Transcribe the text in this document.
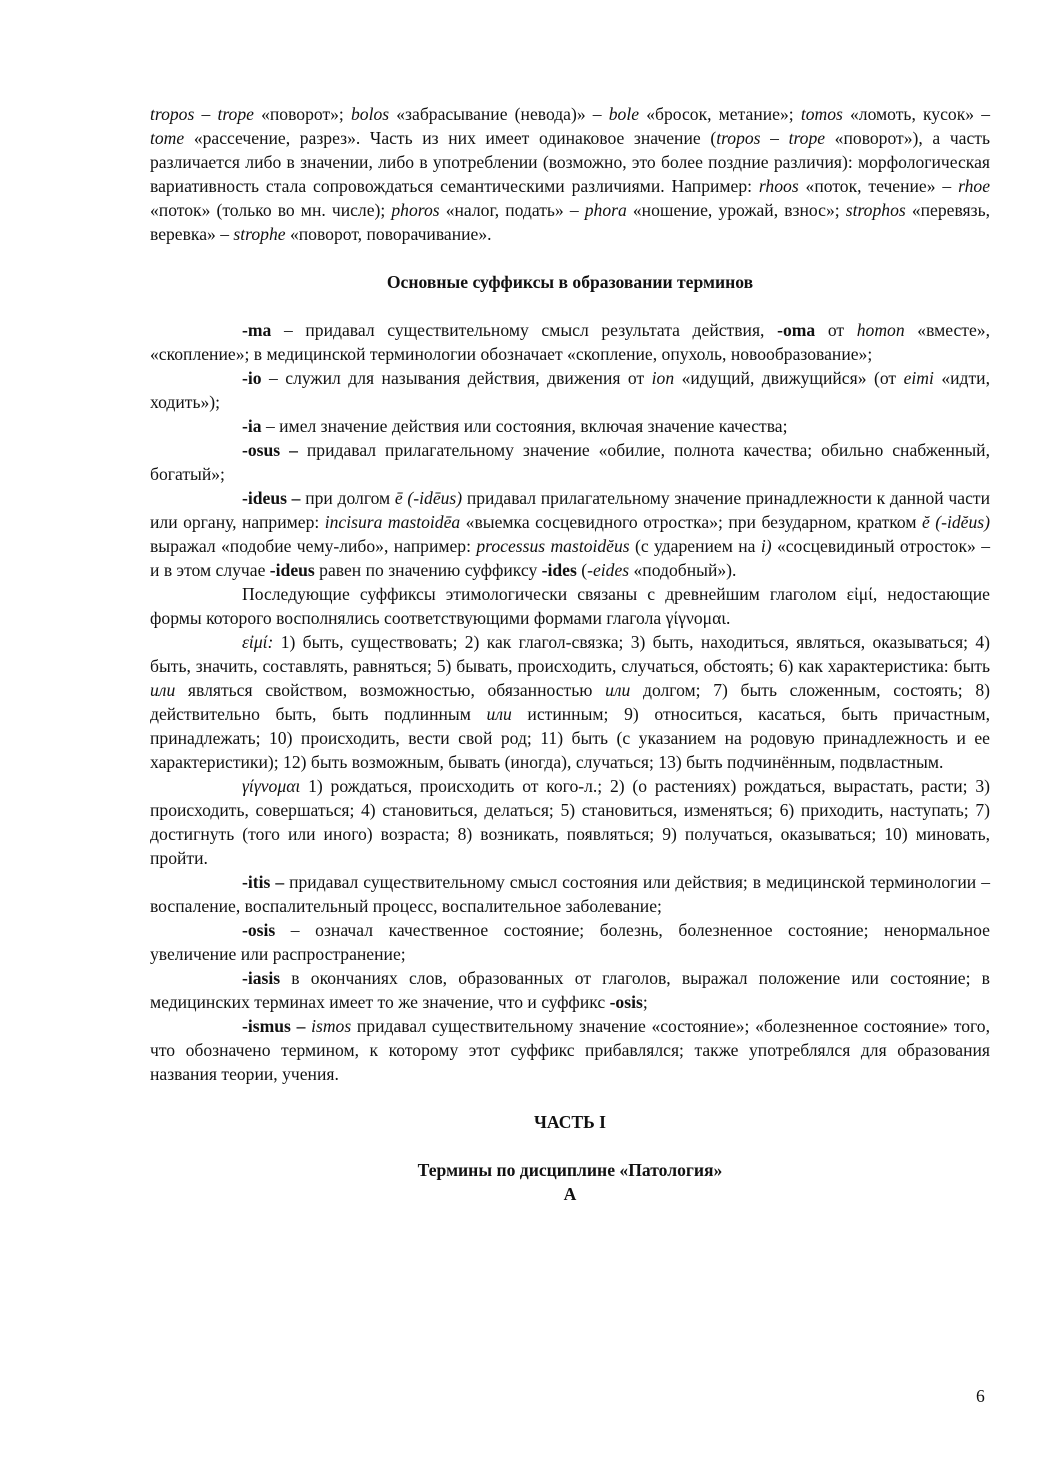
tropos – trope «поворот»; bolos «забрасывание (невода)» – bole «бросок, метание»; tomos «ломоть, кусок» – tome «рассечение, разрез». Часть из них имеет одинаковое значение (tropos – trope «поворот»), а часть различается либо в значении, либо в употреблении (возможно, это более поздние различия): морфологическая вариативность стала сопровождаться семантическими различиями. Например: rhoos «поток, течение» – rhoe «поток» (только во мн. числе); phoros «налог, подать» – phora «ношение, урожай, взнос»; strophos «перевязь, веревка» – strophe «поворот, поворачивание».

Основные суффиксы в образовании терминов

-ma – придавал существительному смысл результата действия, -oma от homon «вместе», «скопление»; в медицинской терминологии обозначает «скопление, опухоль, новообразование»;

-io – служил для называния действия, движения от ion «идущий, движущийся» (от eimi «идти, ходить»);

-ia – имел значение действия или состояния, включая значение качества;

-osus – придавал прилагательному значение «обилие, полнота качества; обильно снабженный, богатый»;

-ideus – при долгом ē (-idēus) придавал прилагательному значение принадлежности к данной части или органу, например: incisura mastoidēa «выемка сосцевидного отростка»; при безударном, кратком ĕ (-idĕus) выражал «подобие чему-либо», например: processus mastoidĕus (с ударением на i) «сосцевидиный отросток» – и в этом случае -ideus равен по значению суффиксу -ides (-eides «подобный»).

Последующие суффиксы этимологически связаны с древнейшим глаголом εἰμί, недостающие формы которого восполнялись соответствующими формами глагола γίγνομαι.

εἰμί: 1) быть, существовать; 2) как глагол-связка; 3) быть, находиться, являться, оказываться; 4) быть, значить, составлять, равняться; 5) бывать, происходить, случаться, обстоять; 6) как характеристика: быть или являться свойством, возможностью, обязанностью или долгом; 7) быть сложенным, состоять; 8) действительно быть, быть подлинным или истинным; 9) относиться, касаться, быть причастным, принадлежать; 10) происходить, вести свой род; 11) быть (с указанием на родовую принадлежность и ее характеристики); 12) быть возможным, бывать (иногда), случаться; 13) быть подчинённым, подвластным.

γίγνομαι 1) рождаться, происходить от кого-л.; 2) (о растениях) рождаться, вырастать, расти; 3) происходить, совершаться; 4) становиться, делаться; 5) становиться, изменяться; 6) приходить, наступать; 7) достигнуть (того или иного) возраста; 8) возникать, появляться; 9) получаться, оказываться; 10) миновать, пройти.

-itis – придавал существительному смысл состояния или действия; в медицинской терминологии – воспаление, воспалительный процесс, воспалительное заболевание;

-osis – означал качественное состояние; болезнь, болезненное состояние; ненормальное увеличение или распространение;

-iasis в окончаниях слов, образованных от глаголов, выражал положение или состояние; в медицинских терминах имеет то же значение, что и суффикс -osis;

-ismus – ismos придавал существительному значение «состояние»; «болезненное состояние» того, что обозначено термином, к которому этот суффикс прибавлялся; также употреблялся для образования названия теории, учения.

ЧАСТЬ I

Термины по дисциплине «Патология»

А

6
